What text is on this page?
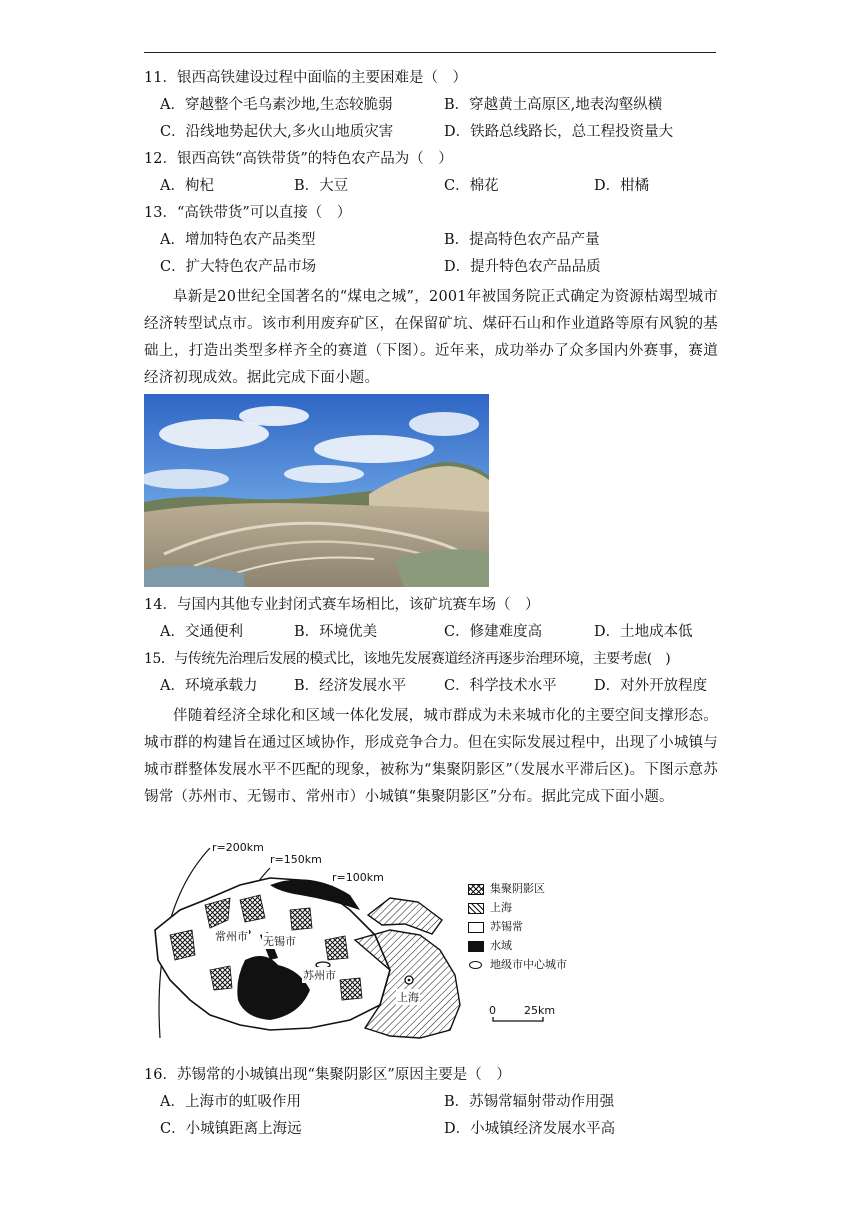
11．银西高铁建设过程中面临的主要困难是（　）
A．穿越整个毛乌素沙地,生态较脆弱	B．穿越黄土高原区,地表沟壑纵横
C．沿线地势起伏大,多火山地质灾害	D．铁路总线路长，总工程投资量大
12．银西高铁“高铁带货”的特色农产品为（　）
A．枸杞	B．大豆	C．棉花	D．柑橘
13．“高铁带货”可以直接（　）
A．增加特色农产品类型	B．提高特色农产品产量
C．扩大特色农产品市场	D．提升特色农产品品质

阜新是20世纪全国著名的“煤电之城”，2001年被国务院正式确定为资源枯竭型城市经济转型试点市。该市利用废弃矿区，在保留矿坑、煤矸石山和作业道路等原有风貌的基础上，打造出类型多样齐全的赛道（下图）。近年来，成功举办了众多国内外赛事，赛道经济初现成效。据此完成下面小题。

14．与国内其他专业封闭式赛车场相比，该矿坑赛车场（　）
A．交通便利	B．环境优美	C．修建难度高	D．土地成本低
15．与传统先治理后发展的模式比，该地先发展赛道经济再逐步治理环境，主要考虑(　)
A．环境承载力	B．经济发展水平	C．科学技术水平	D．对外开放程度

伴随着经济全球化和区域一体化发展，城市群成为未来城市化的主要空间支撑形态。城市群的构建旨在通过区域协作，形成竞争合力。但在实际发展过程中，出现了小城镇与城市群整体发展水平不匹配的现象，被称为“集聚阴影区”（发展水平滞后区)。下图示意苏锡常（苏州市、无锡市、常州市）小城镇“集聚阴影区”分布。据此完成下面小题。

r=200km
r=150km
r=100km
常州市 无锡市
苏州市
上海
0	25km
集聚阴影区
上海
苏锡常
水域
地级市中心城市
16．苏锡常的小城镇出现“集聚阴影区”原因主要是（　）
A．上海市的虹吸作用	B．苏锡常辐射带动作用强
C．小城镇距离上海远	D．小城镇经济发展水平高
